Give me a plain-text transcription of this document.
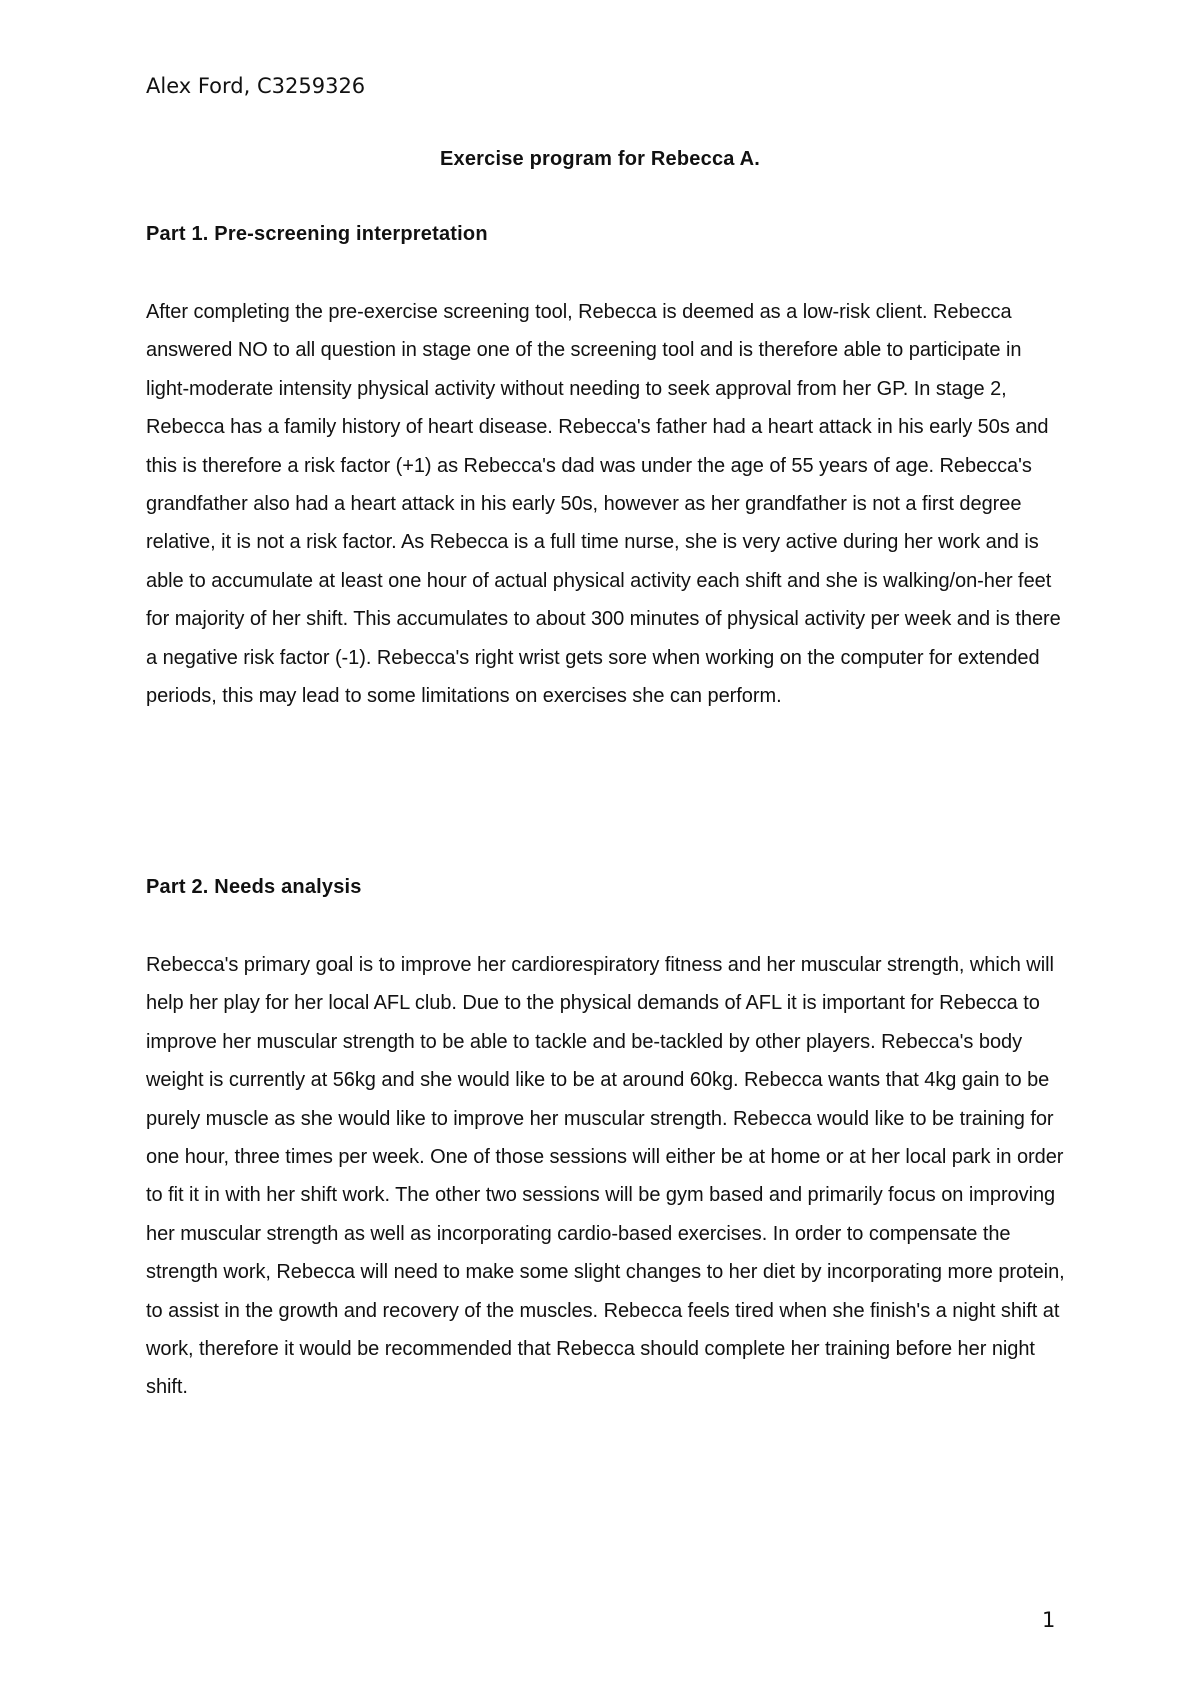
Alex Ford, C3259326
Exercise program for Rebecca A.
Part 1. Pre-screening interpretation

After completing the pre-exercise screening tool, Rebecca is deemed as a low-risk client. Rebecca answered NO to all question in stage one of the screening tool and is therefore able to participate in light-moderate intensity physical activity without needing to seek approval from her GP. In stage 2, Rebecca has a family history of heart disease. Rebecca's father had a heart attack in his early 50s and this is therefore a risk factor (+1) as Rebecca's dad was under the age of 55 years of age. Rebecca's grandfather also had a heart attack in his early 50s, however as her grandfather is not a first degree relative, it is not a risk factor. As Rebecca is a full time nurse, she is very active during her work and is able to accumulate at least one hour of actual physical activity each shift and she is walking/on-her feet for majority of her shift. This accumulates to about 300 minutes of physical activity per week and is there a negative risk factor (-1). Rebecca's right wrist gets sore when working on the computer for extended periods, this may lead to some limitations on exercises she can perform.

Part 2. Needs analysis

Rebecca's primary goal is to improve her cardiorespiratory fitness and her muscular strength, which will help her play for her local AFL club. Due to the physical demands of AFL it is important for Rebecca to improve her muscular strength to be able to tackle and be-tackled by other players. Rebecca's body weight is currently at 56kg and she would like to be at around 60kg. Rebecca wants that 4kg gain to be purely muscle as she would like to improve her muscular strength. Rebecca would like to be training for one hour, three times per week. One of those sessions will either be at home or at her local park in order to fit it in with her shift work. The other two sessions will be gym based and primarily focus on improving her muscular strength as well as incorporating cardio-based exercises. In order to compensate the strength work, Rebecca will need to make some slight changes to her diet by incorporating more protein, to assist in the growth and recovery of the muscles. Rebecca feels tired when she finish's a night shift at work, therefore it would be recommended that Rebecca should complete her training before her night shift.

1
